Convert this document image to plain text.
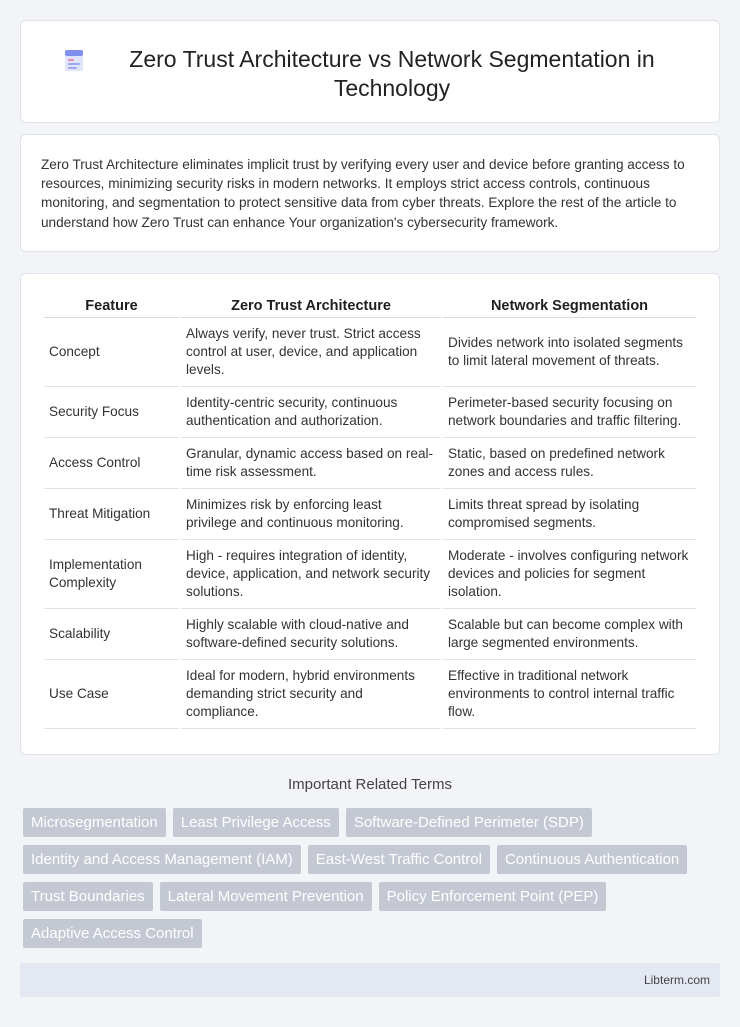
Zero Trust Architecture vs Network Segmentation in Technology

Zero Trust Architecture eliminates implicit trust by verifying every user and device before granting access to resources, minimizing security risks in modern networks. It employs strict access controls, continuous monitoring, and segmentation to protect sensitive data from cyber threats. Explore the rest of the article to understand how Zero Trust can enhance Your organization's cybersecurity framework.

Feature	Zero Trust Architecture	Network Segmentation
Concept	Always verify, never trust. Strict access control at user, device, and application levels.	Divides network into isolated segments to limit lateral movement of threats.
Security Focus	Identity-centric security, continuous authentication and authorization.	Perimeter-based security focusing on network boundaries and traffic filtering.
Access Control	Granular, dynamic access based on real-time risk assessment.	Static, based on predefined network zones and access rules.
Threat Mitigation	Minimizes risk by enforcing least privilege and continuous monitoring.	Limits threat spread by isolating compromised segments.
Implementation Complexity	High - requires integration of identity, device, application, and network security solutions.	Moderate - involves configuring network devices and policies for segment isolation.
Scalability	Highly scalable with cloud-native and software-defined security solutions.	Scalable but can become complex with large segmented environments.
Use Case	Ideal for modern, hybrid environments demanding strict security and compliance.	Effective in traditional network environments to control internal traffic flow.
Important Related Terms
Microsegmentation	Least Privilege Access	Software-Defined Perimeter (SDP)
Identity and Access Management (IAM)	East-West Traffic Control	Continuous Authentication
Trust Boundaries	Lateral Movement Prevention	Policy Enforcement Point (PEP)
Adaptive Access Control
Libterm.com
